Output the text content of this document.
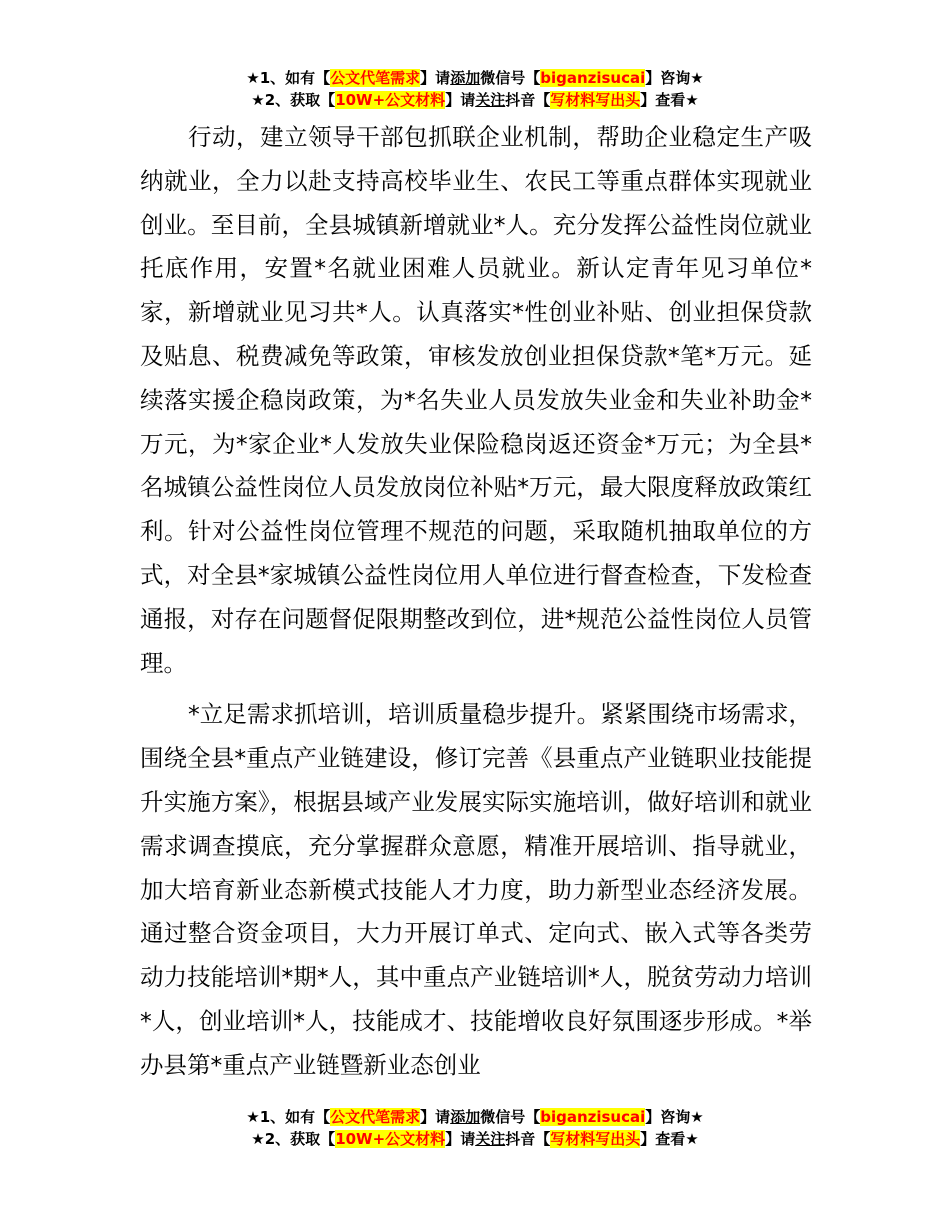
★1、如有【公文代笔需求】请添加微信号【biganzisucai】咨询★
★2、获取【10W+公文材料】请关注抖音【写材料写出头】查看★

行动，建立领导干部包抓联企业机制，帮助企业稳定生产吸纳就业，全力以赴支持高校毕业生、农民工等重点群体实现就业创业。至目前，全县城镇新增就业*人。充分发挥公益性岗位就业托底作用，安置*名就业困难人员就业。新认定青年见习单位*家，新增就业见习共*人。认真落实*性创业补贴、创业担保贷款及贴息、税费减免等政策，审核发放创业担保贷款*笔*万元。延续落实援企稳岗政策，为*名失业人员发放失业金和失业补助金*万元，为*家企业*人发放失业保险稳岗返还资金*万元；为全县*名城镇公益性岗位人员发放岗位补贴*万元，最大限度释放政策红利。针对公益性岗位管理不规范的问题，采取随机抽取单位的方式，对全县*家城镇公益性岗位用人单位进行督查检查，下发检查通报，对存在问题督促限期整改到位，进*规范公益性岗位人员管理。

*立足需求抓培训，培训质量稳步提升。紧紧围绕市场需求，围绕全县*重点产业链建设，修订完善《县重点产业链职业技能提升实施方案》，根据县域产业发展实际实施培训，做好培训和就业需求调查摸底，充分掌握群众意愿，精准开展培训、指导就业，加大培育新业态新模式技能人才力度，助力新型业态经济发展。通过整合资金项目，大力开展订单式、定向式、嵌入式等各类劳动力技能培训*期*人，其中重点产业链培训*人，脱贫劳动力培训*人，创业培训*人，技能成才、技能增收良好氛围逐步形成。*举办县第*重点产业链暨新业态创业

★1、如有【公文代笔需求】请添加微信号【biganzisucai】咨询★
★2、获取【10W+公文材料】请关注抖音【写材料写出头】查看★
